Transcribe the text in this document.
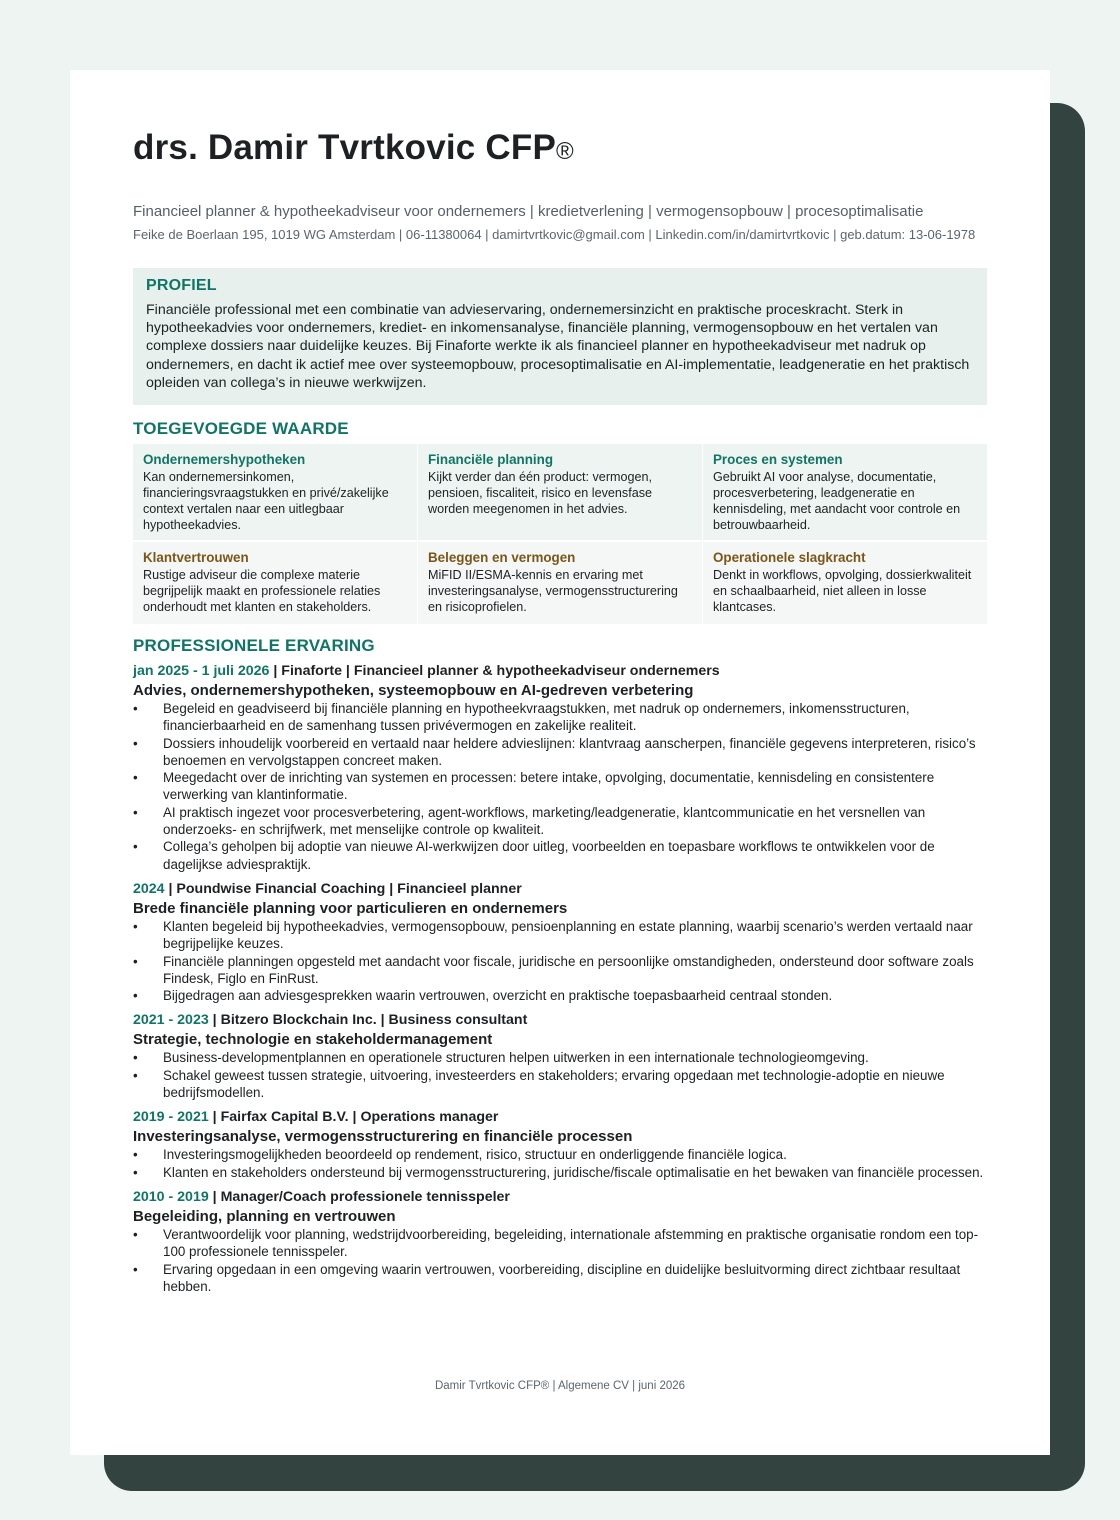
drs. Damir Tvrtkovic CFP®
Financieel planner & hypotheekadviseur voor ondernemers | kredietverlening | vermogensopbouw | procesoptimalisatie
Feike de Boerlaan 195, 1019 WG Amsterdam | 06-11380064 | damirtvrtkovic@gmail.com | Linkedin.com/in/damirtvrtkovic | geb.datum: 13-06-1978
PROFIEL
Financiële professional met een combinatie van advieservaring, ondernemersinzicht en praktische proceskracht. Sterk in hypotheekadvies voor ondernemers, krediet- en inkomensanalyse, financiële planning, vermogensopbouw en het vertalen van complexe dossiers naar duidelijke keuzes. Bij Finaforte werkte ik als financieel planner en hypotheekadviseur met nadruk op ondernemers, en dacht ik actief mee over systeemopbouw, procesoptimalisatie en AI-implementatie, leadgeneratie en het praktisch opleiden van collega’s in nieuwe werkwijzen.
TOEGEVOEGDE WAARDE
Ondernemershypotheken
Kan ondernemersinkomen, financieringsvraagstukken en privé/zakelijke context vertalen naar een uitlegbaar hypotheekadvies.
Financiële planning
Kijkt verder dan één product: vermogen, pensioen, fiscaliteit, risico en levensfase worden meegenomen in het advies.
Proces en systemen
Gebruikt AI voor analyse, documentatie, procesverbetering, leadgeneratie en kennisdeling, met aandacht voor controle en betrouwbaarheid.
Klantvertrouwen
Rustige adviseur die complexe materie begrijpelijk maakt en professionele relaties onderhoudt met klanten en stakeholders.
Beleggen en vermogen
MiFID II/ESMA-kennis en ervaring met investeringsanalyse, vermogensstructurering en risicoprofielen.
Operationele slagkracht
Denkt in workflows, opvolging, dossierkwaliteit en schaalbaarheid, niet alleen in losse klantcases.
PROFESSIONELE ERVARING
jan 2025 - 1 juli 2026 | Finaforte | Financieel planner & hypotheekadviseur ondernemers
Advies, ondernemershypotheken, systeemopbouw en AI-gedreven verbetering
• Begeleid en geadviseerd bij financiële planning en hypotheekvraagstukken, met nadruk op ondernemers, inkomensstructuren, financierbaarheid en de samenhang tussen privévermogen en zakelijke realiteit.
• Dossiers inhoudelijk voorbereid en vertaald naar heldere advieslijnen: klantvraag aanscherpen, financiële gegevens interpreteren, risico’s benoemen en vervolgstappen concreet maken.
• Meegedacht over de inrichting van systemen en processen: betere intake, opvolging, documentatie, kennisdeling en consistentere verwerking van klantinformatie.
• AI praktisch ingezet voor procesverbetering, agent-workflows, marketing/leadgeneratie, klantcommunicatie en het versnellen van onderzoeks- en schrijfwerk, met menselijke controle op kwaliteit.
• Collega’s geholpen bij adoptie van nieuwe AI-werkwijzen door uitleg, voorbeelden en toepasbare workflows te ontwikkelen voor de dagelijkse adviespraktijk.
2024 | Poundwise Financial Coaching | Financieel planner
Brede financiële planning voor particulieren en ondernemers
• Klanten begeleid bij hypotheekadvies, vermogensopbouw, pensioenplanning en estate planning, waarbij scenario’s werden vertaald naar begrijpelijke keuzes.
• Financiële planningen opgesteld met aandacht voor fiscale, juridische en persoonlijke omstandigheden, ondersteund door software zoals Findesk, Figlo en FinRust.
• Bijgedragen aan adviesgesprekken waarin vertrouwen, overzicht en praktische toepasbaarheid centraal stonden.
2021 - 2023 | Bitzero Blockchain Inc. | Business consultant
Strategie, technologie en stakeholdermanagement
• Business-developmentplannen en operationele structuren helpen uitwerken in een internationale technologieomgeving.
• Schakel geweest tussen strategie, uitvoering, investeerders en stakeholders; ervaring opgedaan met technologie-adoptie en nieuwe bedrijfsmodellen.
2019 - 2021 | Fairfax Capital B.V. | Operations manager
Investeringsanalyse, vermogensstructurering en financiële processen
• Investeringsmogelijkheden beoordeeld op rendement, risico, structuur en onderliggende financiële logica.
• Klanten en stakeholders ondersteund bij vermogensstructurering, juridische/fiscale optimalisatie en het bewaken van financiële processen.
2010 - 2019 | Manager/Coach professionele tennisspeler
Begeleiding, planning en vertrouwen
• Verantwoordelijk voor planning, wedstrijdvoorbereiding, begeleiding, internationale afstemming en praktische organisatie rondom een top-100 professionele tennisspeler.
• Ervaring opgedaan in een omgeving waarin vertrouwen, voorbereiding, discipline en duidelijke besluitvorming direct zichtbaar resultaat hebben.
Damir Tvrtkovic CFP® | Algemene CV | juni 2026
